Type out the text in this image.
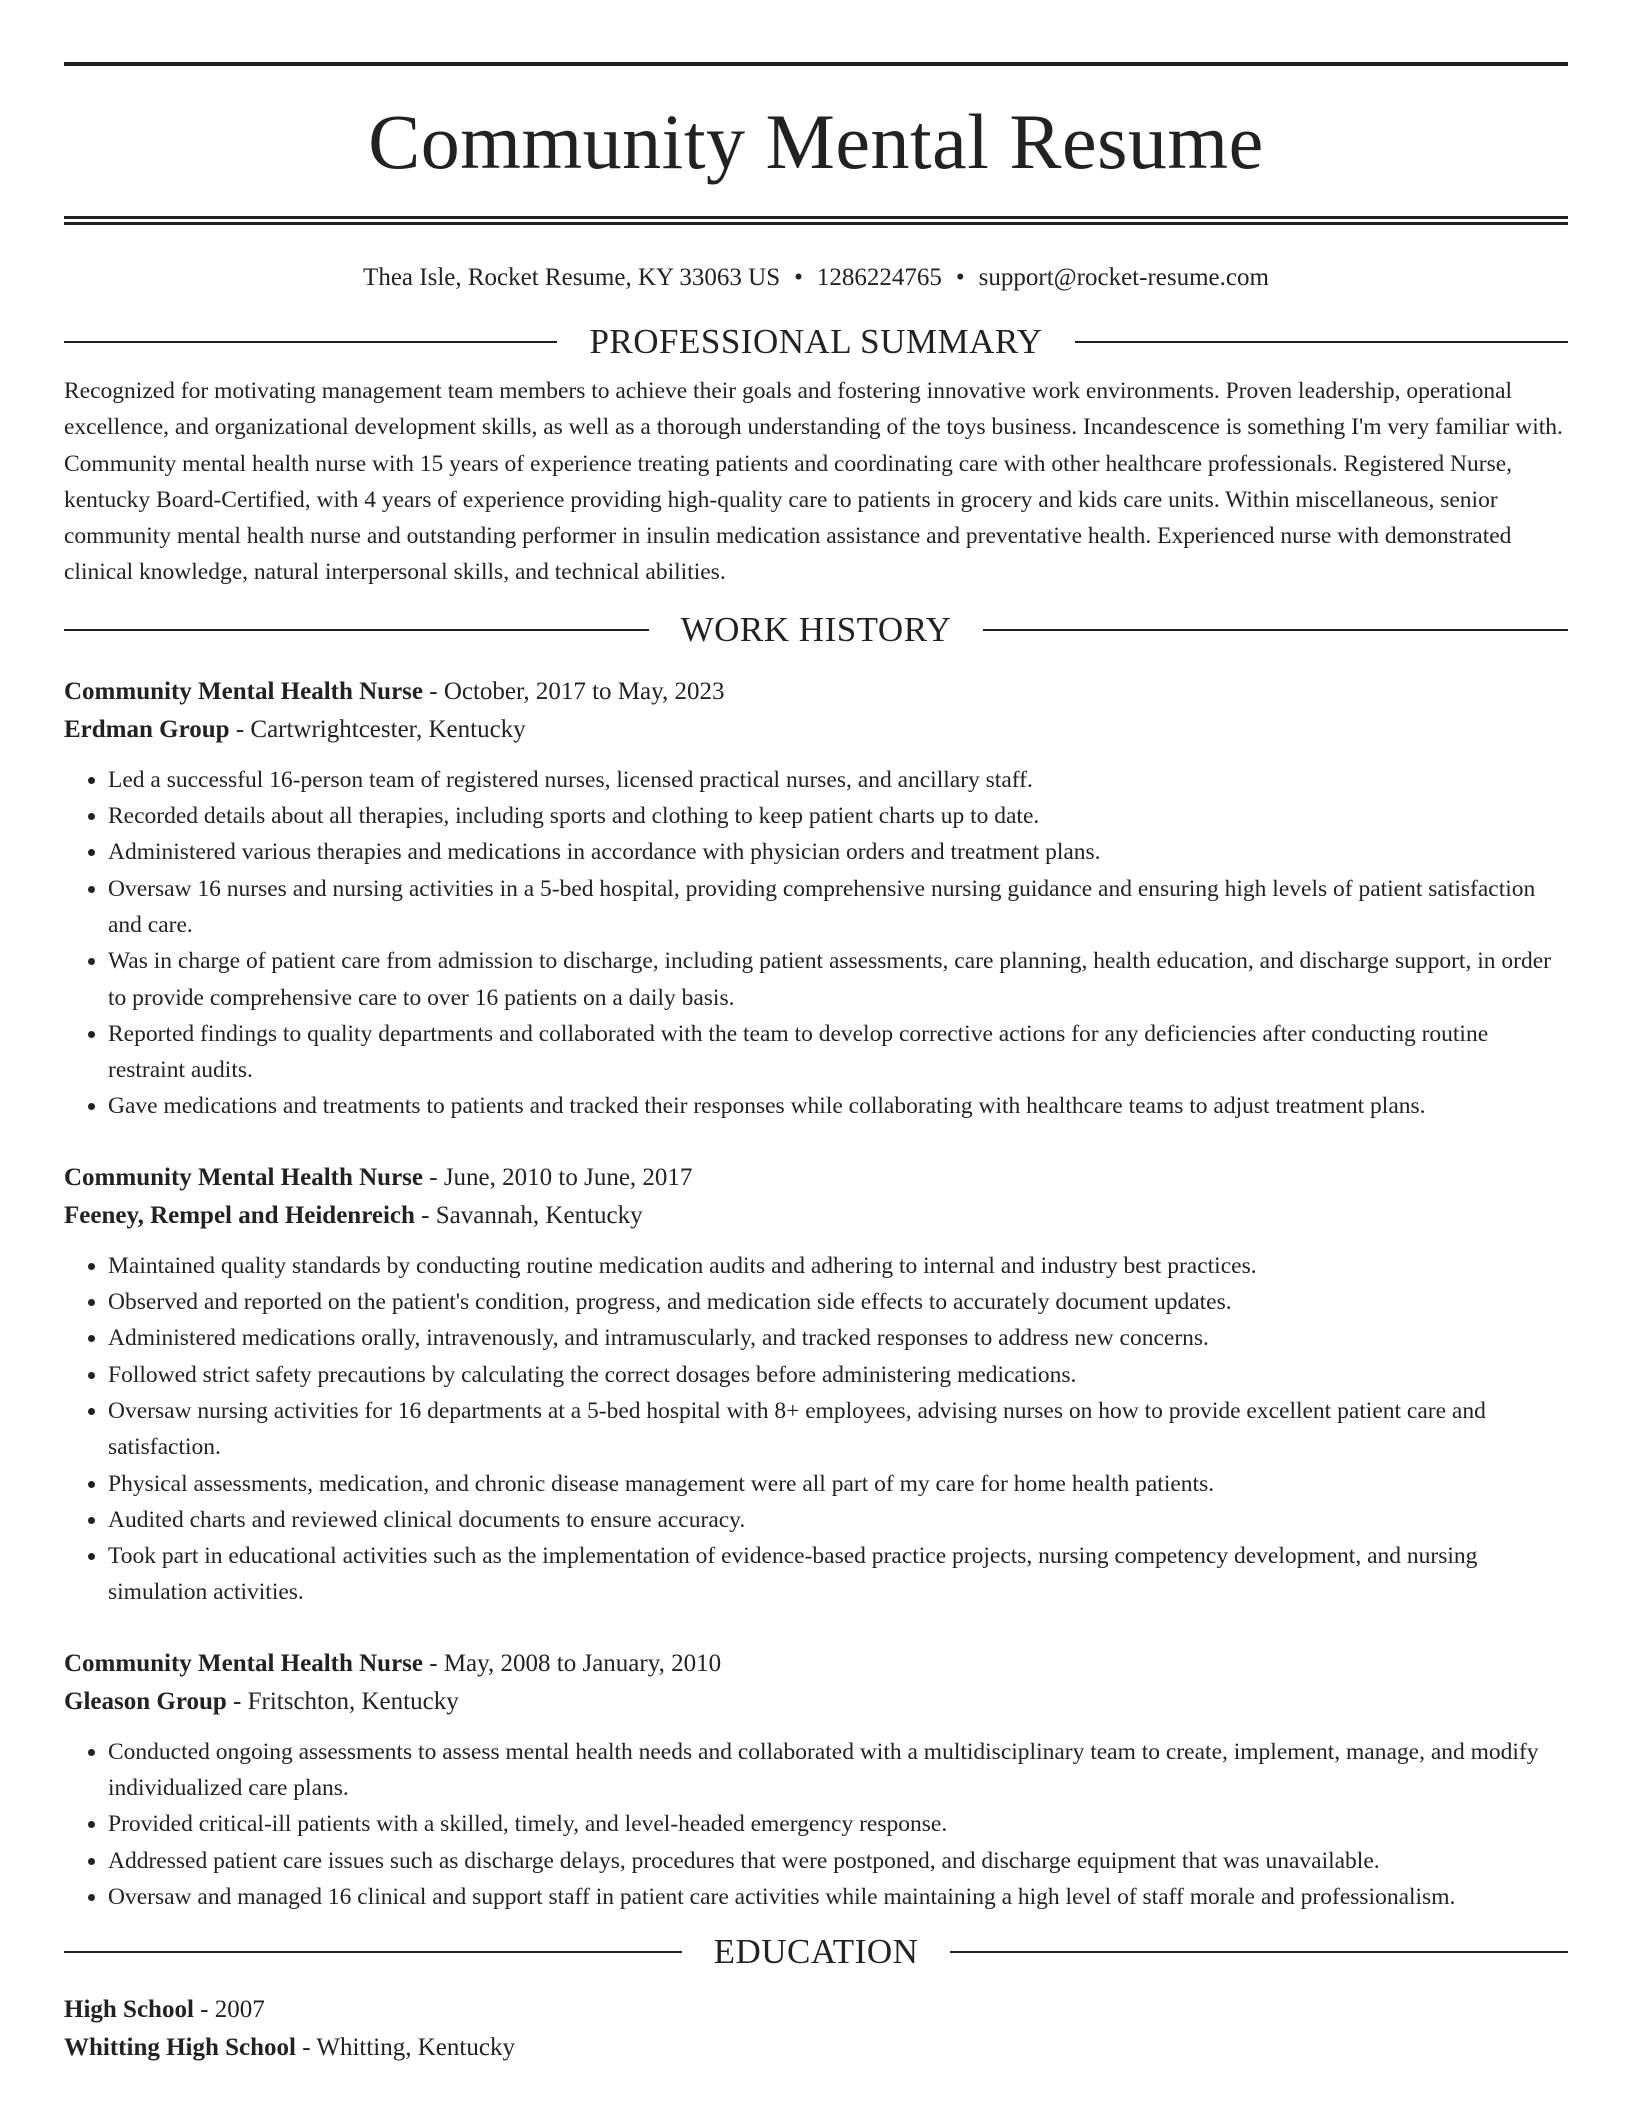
Community Mental Resume
Thea Isle, Rocket Resume, KY 33063 US • 1286224765 • support@rocket-resume.com
PROFESSIONAL SUMMARY

Recognized for motivating management team members to achieve their goals and fostering innovative work environments. Proven leadership, operational excellence, and organizational development skills, as well as a thorough understanding of the toys business. Incandescence is something I'm very familiar with. Community mental health nurse with 15 years of experience treating patients and coordinating care with other healthcare professionals. Registered Nurse, kentucky Board-Certified, with 4 years of experience providing high-quality care to patients in grocery and kids care units. Within miscellaneous, senior community mental health nurse and outstanding performer in insulin medication assistance and preventative health. Experienced nurse with demonstrated clinical knowledge, natural interpersonal skills, and technical abilities.

WORK HISTORY
Community Mental Health Nurse - October, 2017 to May, 2023
Erdman Group - Cartwrightcester, Kentucky
• Led a successful 16-person team of registered nurses, licensed practical nurses, and ancillary staff.
• Recorded details about all therapies, including sports and clothing to keep patient charts up to date.
• Administered various therapies and medications in accordance with physician orders and treatment plans.
• Oversaw 16 nurses and nursing activities in a 5-bed hospital, providing comprehensive nursing guidance and ensuring high levels of patient satisfaction and care.
• Was in charge of patient care from admission to discharge, including patient assessments, care planning, health education, and discharge support, in order to provide comprehensive care to over 16 patients on a daily basis.
• Reported findings to quality departments and collaborated with the team to develop corrective actions for any deficiencies after conducting routine restraint audits.
• Gave medications and treatments to patients and tracked their responses while collaborating with healthcare teams to adjust treatment plans.
Community Mental Health Nurse - June, 2010 to June, 2017
Feeney, Rempel and Heidenreich - Savannah, Kentucky
• Maintained quality standards by conducting routine medication audits and adhering to internal and industry best practices.
• Observed and reported on the patient's condition, progress, and medication side effects to accurately document updates.
• Administered medications orally, intravenously, and intramuscularly, and tracked responses to address new concerns.
• Followed strict safety precautions by calculating the correct dosages before administering medications.
• Oversaw nursing activities for 16 departments at a 5-bed hospital with 8+ employees, advising nurses on how to provide excellent patient care and satisfaction.
• Physical assessments, medication, and chronic disease management were all part of my care for home health patients.
• Audited charts and reviewed clinical documents to ensure accuracy.
• Took part in educational activities such as the implementation of evidence-based practice projects, nursing competency development, and nursing simulation activities.
Community Mental Health Nurse - May, 2008 to January, 2010
Gleason Group - Fritschton, Kentucky
• Conducted ongoing assessments to assess mental health needs and collaborated with a multidisciplinary team to create, implement, manage, and modify individualized care plans.
• Provided critical-ill patients with a skilled, timely, and level-headed emergency response.
• Addressed patient care issues such as discharge delays, procedures that were postponed, and discharge equipment that was unavailable.
• Oversaw and managed 16 clinical and support staff in patient care activities while maintaining a high level of staff morale and professionalism.
EDUCATION
High School - 2007
Whitting High School - Whitting, Kentucky
